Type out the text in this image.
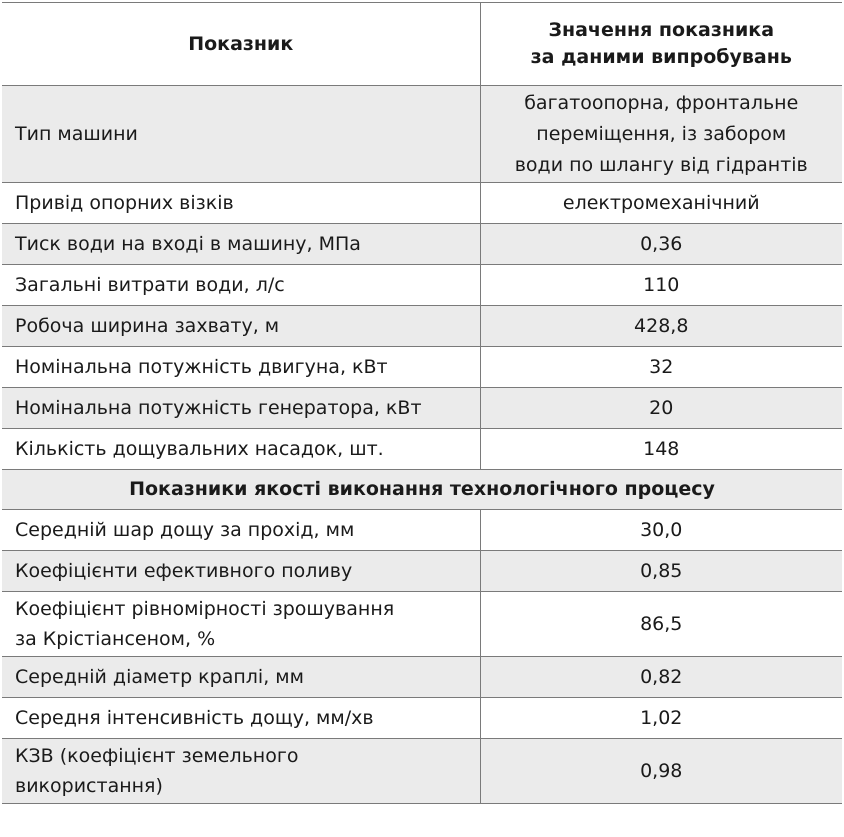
Показник	Значення показника
за даними випробувань
Тип машини	багатоопорна, фронтальне
переміщення, із забором
води по шлангу від гідрантів
Привід опорних візків	електромеханічний
Тиск води на вході в машину, МПа	0,36
Загальні витрати води, л/с	110
Робоча ширина захвату, м	428,8
Номінальна потужність двигуна, кВт	32
Номінальна потужність генератора, кВт	20
Кількість дощувальних насадок, шт.	148
Показники якості виконання технологічного процесу	
Середній шар дощу за прохід, мм	30,0
Коефіцієнти ефективного поливу	0,85
Коефіцієнт рівномірності зрошування
за Крістіансеном, %	86,5
Середній діаметр краплі, мм	0,82
Середня інтенсивність дощу, мм/хв	1,02
КЗВ (коефіцієнт земельного
використання)	0,98
